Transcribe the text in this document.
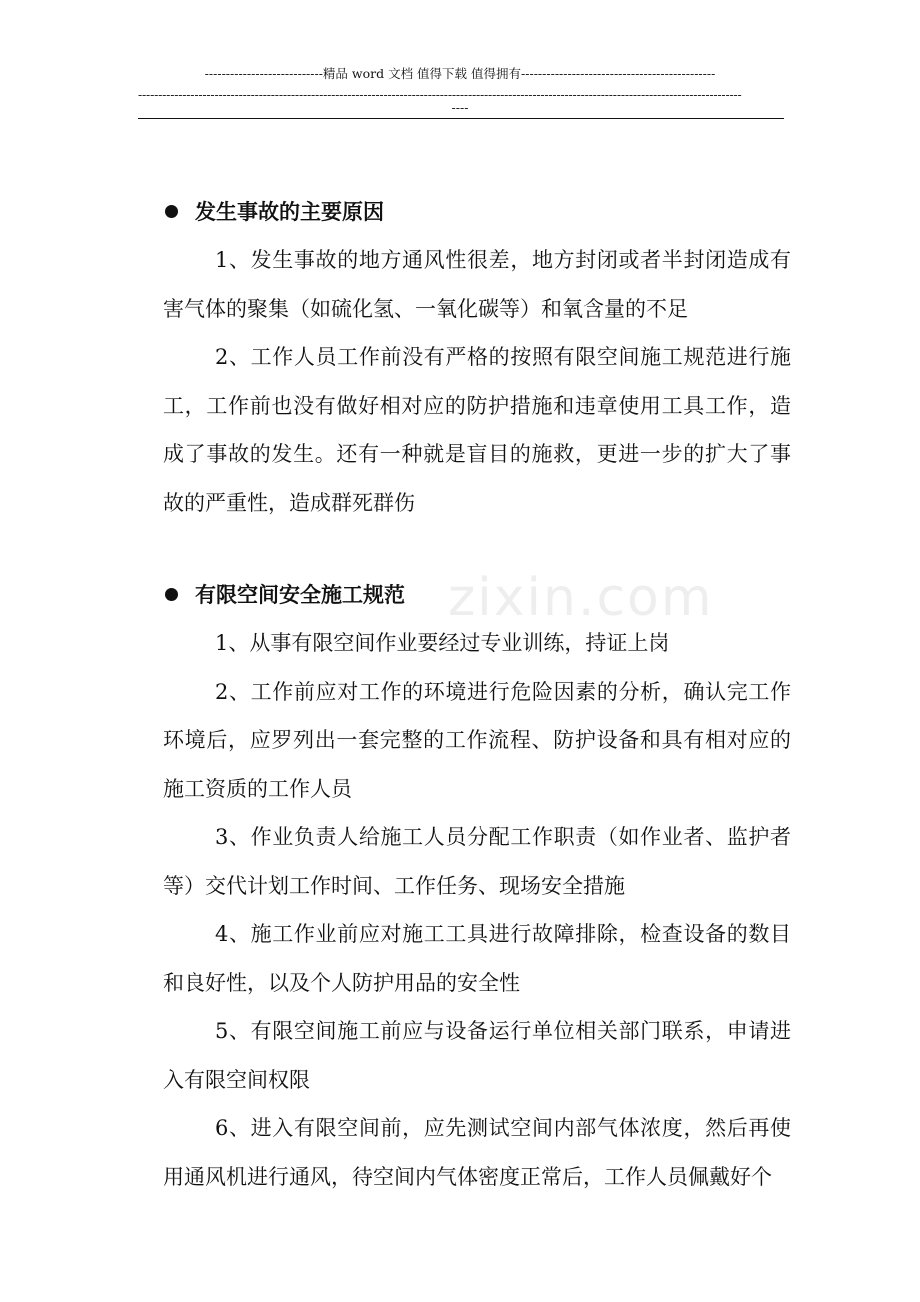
----------------------------精品 word 文档 值得下载 值得拥有----------------------------------------------
------------------------------------------------------------------------------------------------------------------------------------------------------
----
zixin.com
发生事故的主要原因

1、发生事故的地方通风性很差，地方封闭或者半封闭造成有害气体的聚集（如硫化氢、一氧化碳等）和氧含量的不足

2、工作人员工作前没有严格的按照有限空间施工规范进行施工，工作前也没有做好相对应的防护措施和违章使用工具工作，造成了事故的发生。还有一种就是盲目的施救，更进一步的扩大了事故的严重性，造成群死群伤

有限空间安全施工规范

1、从事有限空间作业要经过专业训练，持证上岗

2、工作前应对工作的环境进行危险因素的分析，确认完工作环境后，应罗列出一套完整的工作流程、防护设备和具有相对应的施工资质的工作人员

3、作业负责人给施工人员分配工作职责（如作业者、监护者等）交代计划工作时间、工作任务、现场安全措施

4、施工作业前应对施工工具进行故障排除，检查设备的数目和良好性，以及个人防护用品的安全性

5、有限空间施工前应与设备运行单位相关部门联系，申请进入有限空间权限

6、进入有限空间前，应先测试空间内部气体浓度，然后再使用通风机进行通风，待空间内气体密度正常后，工作人员佩戴好个
